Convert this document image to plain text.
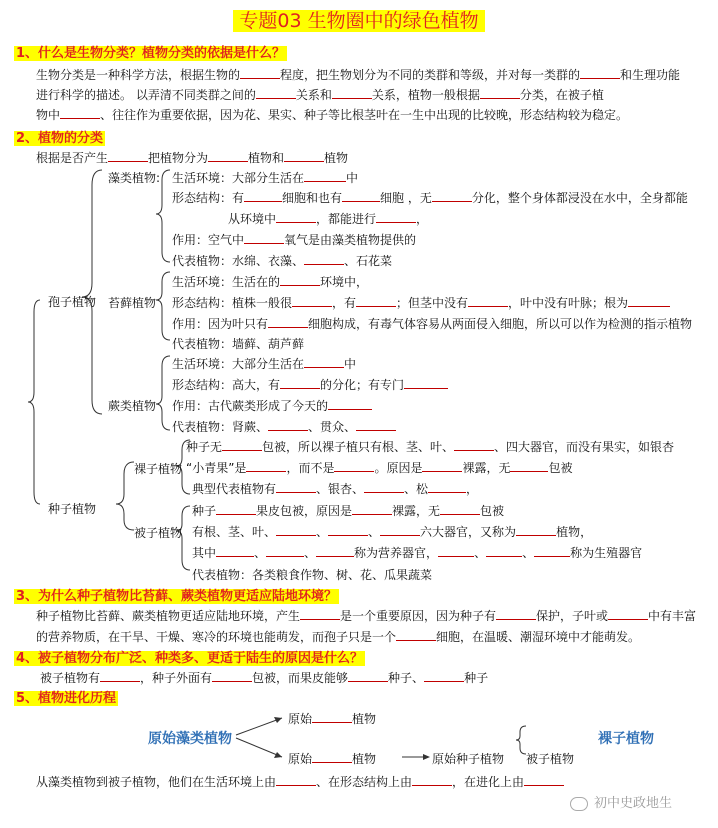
专题03 生物圈中的绿色植物
1、什么是生物分类？植物分类的依据是什么？
生物分类是一种科学方法，根据生物的	程度，把生物划分为不同的类群和等级，并对每一类群的	和生理功能
进行科学的描述。 以弄清不同类群之间的	关系和	关系，植物一般根据	分类，在被子植
物中	、往往作为重要依据，因为花、果实、种子等比根茎叶在一生中出现的比较晚，形态结构较为稳定。
2、植物的分类
根据是否产生	把植物分为	植物和	植物
孢子植物
种子植物
藻类植物: 生活环境：大部分生活在	中
形态结构：有	细胞和也有	细胞 ，无	分化，整个身体都浸没在水中，全身都能
从环境中	，都能进行	，
作用：空气中	氧气是由藻类植物提供的
代表植物：水绵、衣藻、	、石花菜
苔藓植物
生活环境：生活在的	环境中，
形态结构：植株一般很	，有	；但茎中没有	，叶中没有叶脉；根为
作用：因为叶只有	细胞构成，有毒气体容易从两面侵入细胞，所以可以作为检测的指示植物
代表植物：墙藓、葫芦藓
蕨类植物
生活环境：大部分生活在	中
形态结构：高大，有	的分化；有专门
作用：古代蕨类形成了今天的
代表植物：肾蕨、	、贯众、
裸子植物
种子无	包被，所以裸子植只有根、茎、叶、	、四大器官，而没有果实，如银杏
“小青果”是	，而不是	。原因是	裸露，无	包被
典型代表植物有	、银杏、	、松	，
被子植物
种子	果皮包被，原因是	裸露，无	包被
有根、茎、叶、	、	、	六大器官，又称为	植物，
其中	、	、	称为营养器官，	、	、	称为生殖器官
代表植物：各类粮食作物、树、花、瓜果蔬菜
3、为什么种子植物比苔藓、蕨类植物更适应陆地环境？
种子植物比苔藓、蕨类植物更适应陆地环境，产生	是一个重要原因，因为种子有	保护，子叶或	中有丰富
的营养物质，在干旱、干燥、寒冷的环境也能萌发，而孢子只是一个	细胞，在温暖、潮湿环境中才能萌发。
4、被子植物分布广泛、种类多、更适于陆生的原因是什么？
被子植物有	，种子外面有	包被，而果皮能够	种子、	种子
5、植物进化历程
原始藻类植物
原始	植物
原始	植物	原始种子植物 被子植物
裸子植物
从藻类植物到被子植物，他们在生活环境上由	、在形态结构上由	，在进化上由
初中史政地生
